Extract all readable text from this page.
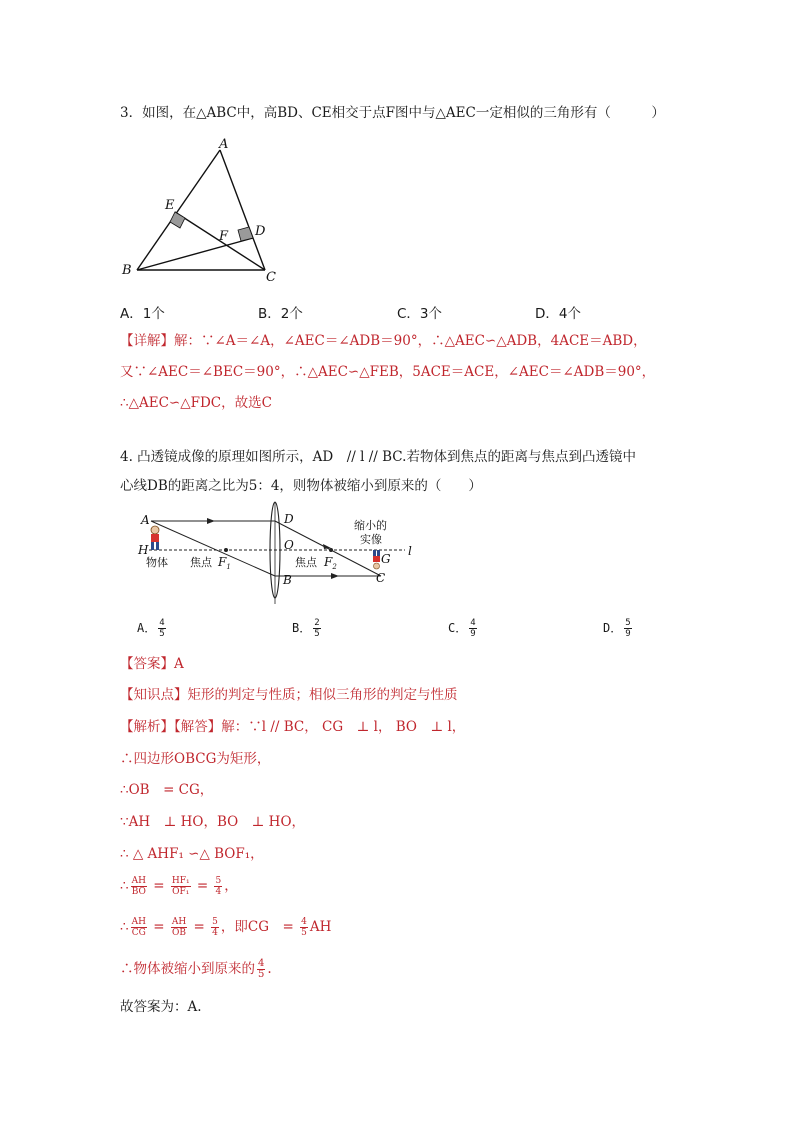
3．如图，在△ABC中，高BD、CE相交于点F图中与△AEC一定相似的三角形有（　　　）
A
B	C
D
E
F
A．1个	B．2个	C．3个	D．4个
【详解】解：∵∠A＝∠A，∠AEC＝∠ADB＝90°，∴△AEC∽△ADB，4ACE＝ABD，
又∵∠AEC＝∠BEC＝90°，∴△AEC∽△FEB，5ACE＝ACE，∠AEC＝∠ADB＝90°，
∴△AEC∽△FDC，故选C
4. 凸透镜成像的原理如图所示，AD　// l // BC.若物体到焦点的距离与焦点到凸透镜中
心线DB的距离之比为5：4，则物体被缩小到原来的（　　）
A
H
D
O
B	C
G
l
物体 焦点 $F_1$	焦点 $F_2$
缩小的
实像
A． $\frac{4}{5}$	B． $\frac{2}{5}$	C． $\frac{4}{9}$	D． $\frac{5}{9}$
【答案】A
【知识点】矩形的判定与性质；相似三角形的判定与性质
【解析】【解答】解：∵l // BC， CG　⊥ l， BO　⊥ l，
∴四边形OBCG为矩形，
∴OB　= CG，
∵AH　⊥ HO，BO　⊥ HO，
∴ △ AHF₁ ∽△ BOF₁，
∴ $\frac{AH}{BO} = \frac{\text{HF₁}}{\text{OF₁}} = \frac{5}{4}$ ，
∴ $\frac{AH}{CG} = \frac{AH}{OB} = \frac{5}{4}$ ，即CG　= $\frac{4}{5}$ AH
∴物体被缩小到原来的 $\frac{4}{5}$ .
故答案为：A.
